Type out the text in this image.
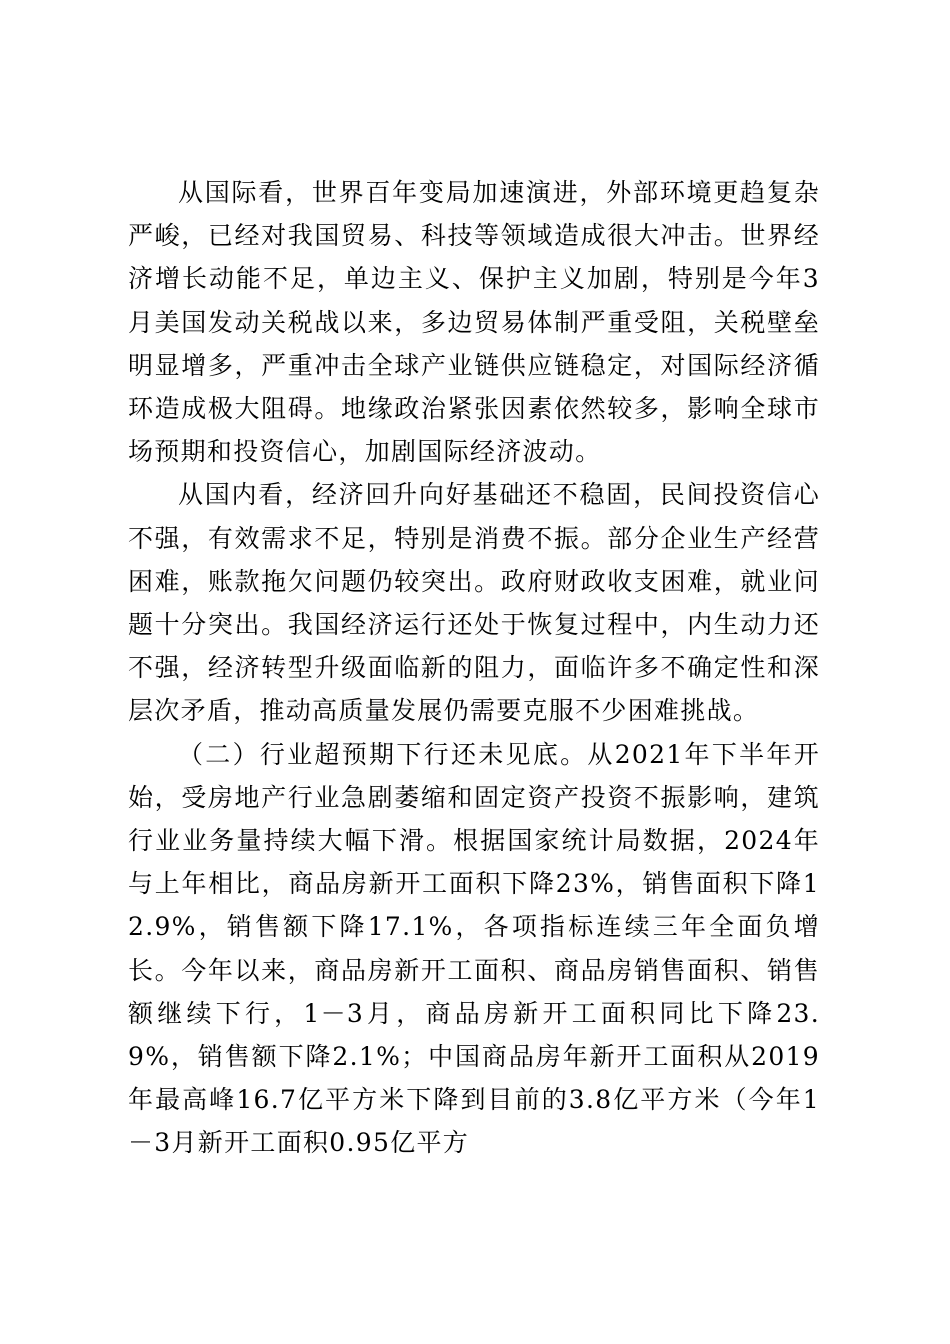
从国际看，世界百年变局加速演进，外部环境更趋复杂严峻，已经对我国贸易、科技等领域造成很大冲击。世界经济增长动能不足，单边主义、保护主义加剧，特别是今年3月美国发动关税战以来，多边贸易体制严重受阻，关税壁垒明显增多，严重冲击全球产业链供应链稳定，对国际经济循环造成极大阻碍。地缘政治紧张因素依然较多，影响全球市场预期和投资信心，加剧国际经济波动。

从国内看，经济回升向好基础还不稳固，民间投资信心不强，有效需求不足，特别是消费不振。部分企业生产经营困难，账款拖欠问题仍较突出。政府财政收支困难，就业问题十分突出。我国经济运行还处于恢复过程中，内生动力还不强，经济转型升级面临新的阻力，面临许多不确定性和深层次矛盾，推动高质量发展仍需要克服不少困难挑战。

（二）行业超预期下行还未见底。从2021年下半年开始，受房地产行业急剧萎缩和固定资产投资不振影响，建筑行业业务量持续大幅下滑。根据国家统计局数据，2024年与上年相比，商品房新开工面积下降23%，销售面积下降12.9%，销售额下降17.1%，各项指标连续三年全面负增长。今年以来，商品房新开工面积、商品房销售面积、销售额继续下行，1－3月，商品房新开工面积同比下降23.9%，销售额下降2.1%；中国商品房年新开工面积从2019年最高峰16.7亿平方米下降到目前的3.8亿平方米（今年1－3月新开工面积0.95亿平方
